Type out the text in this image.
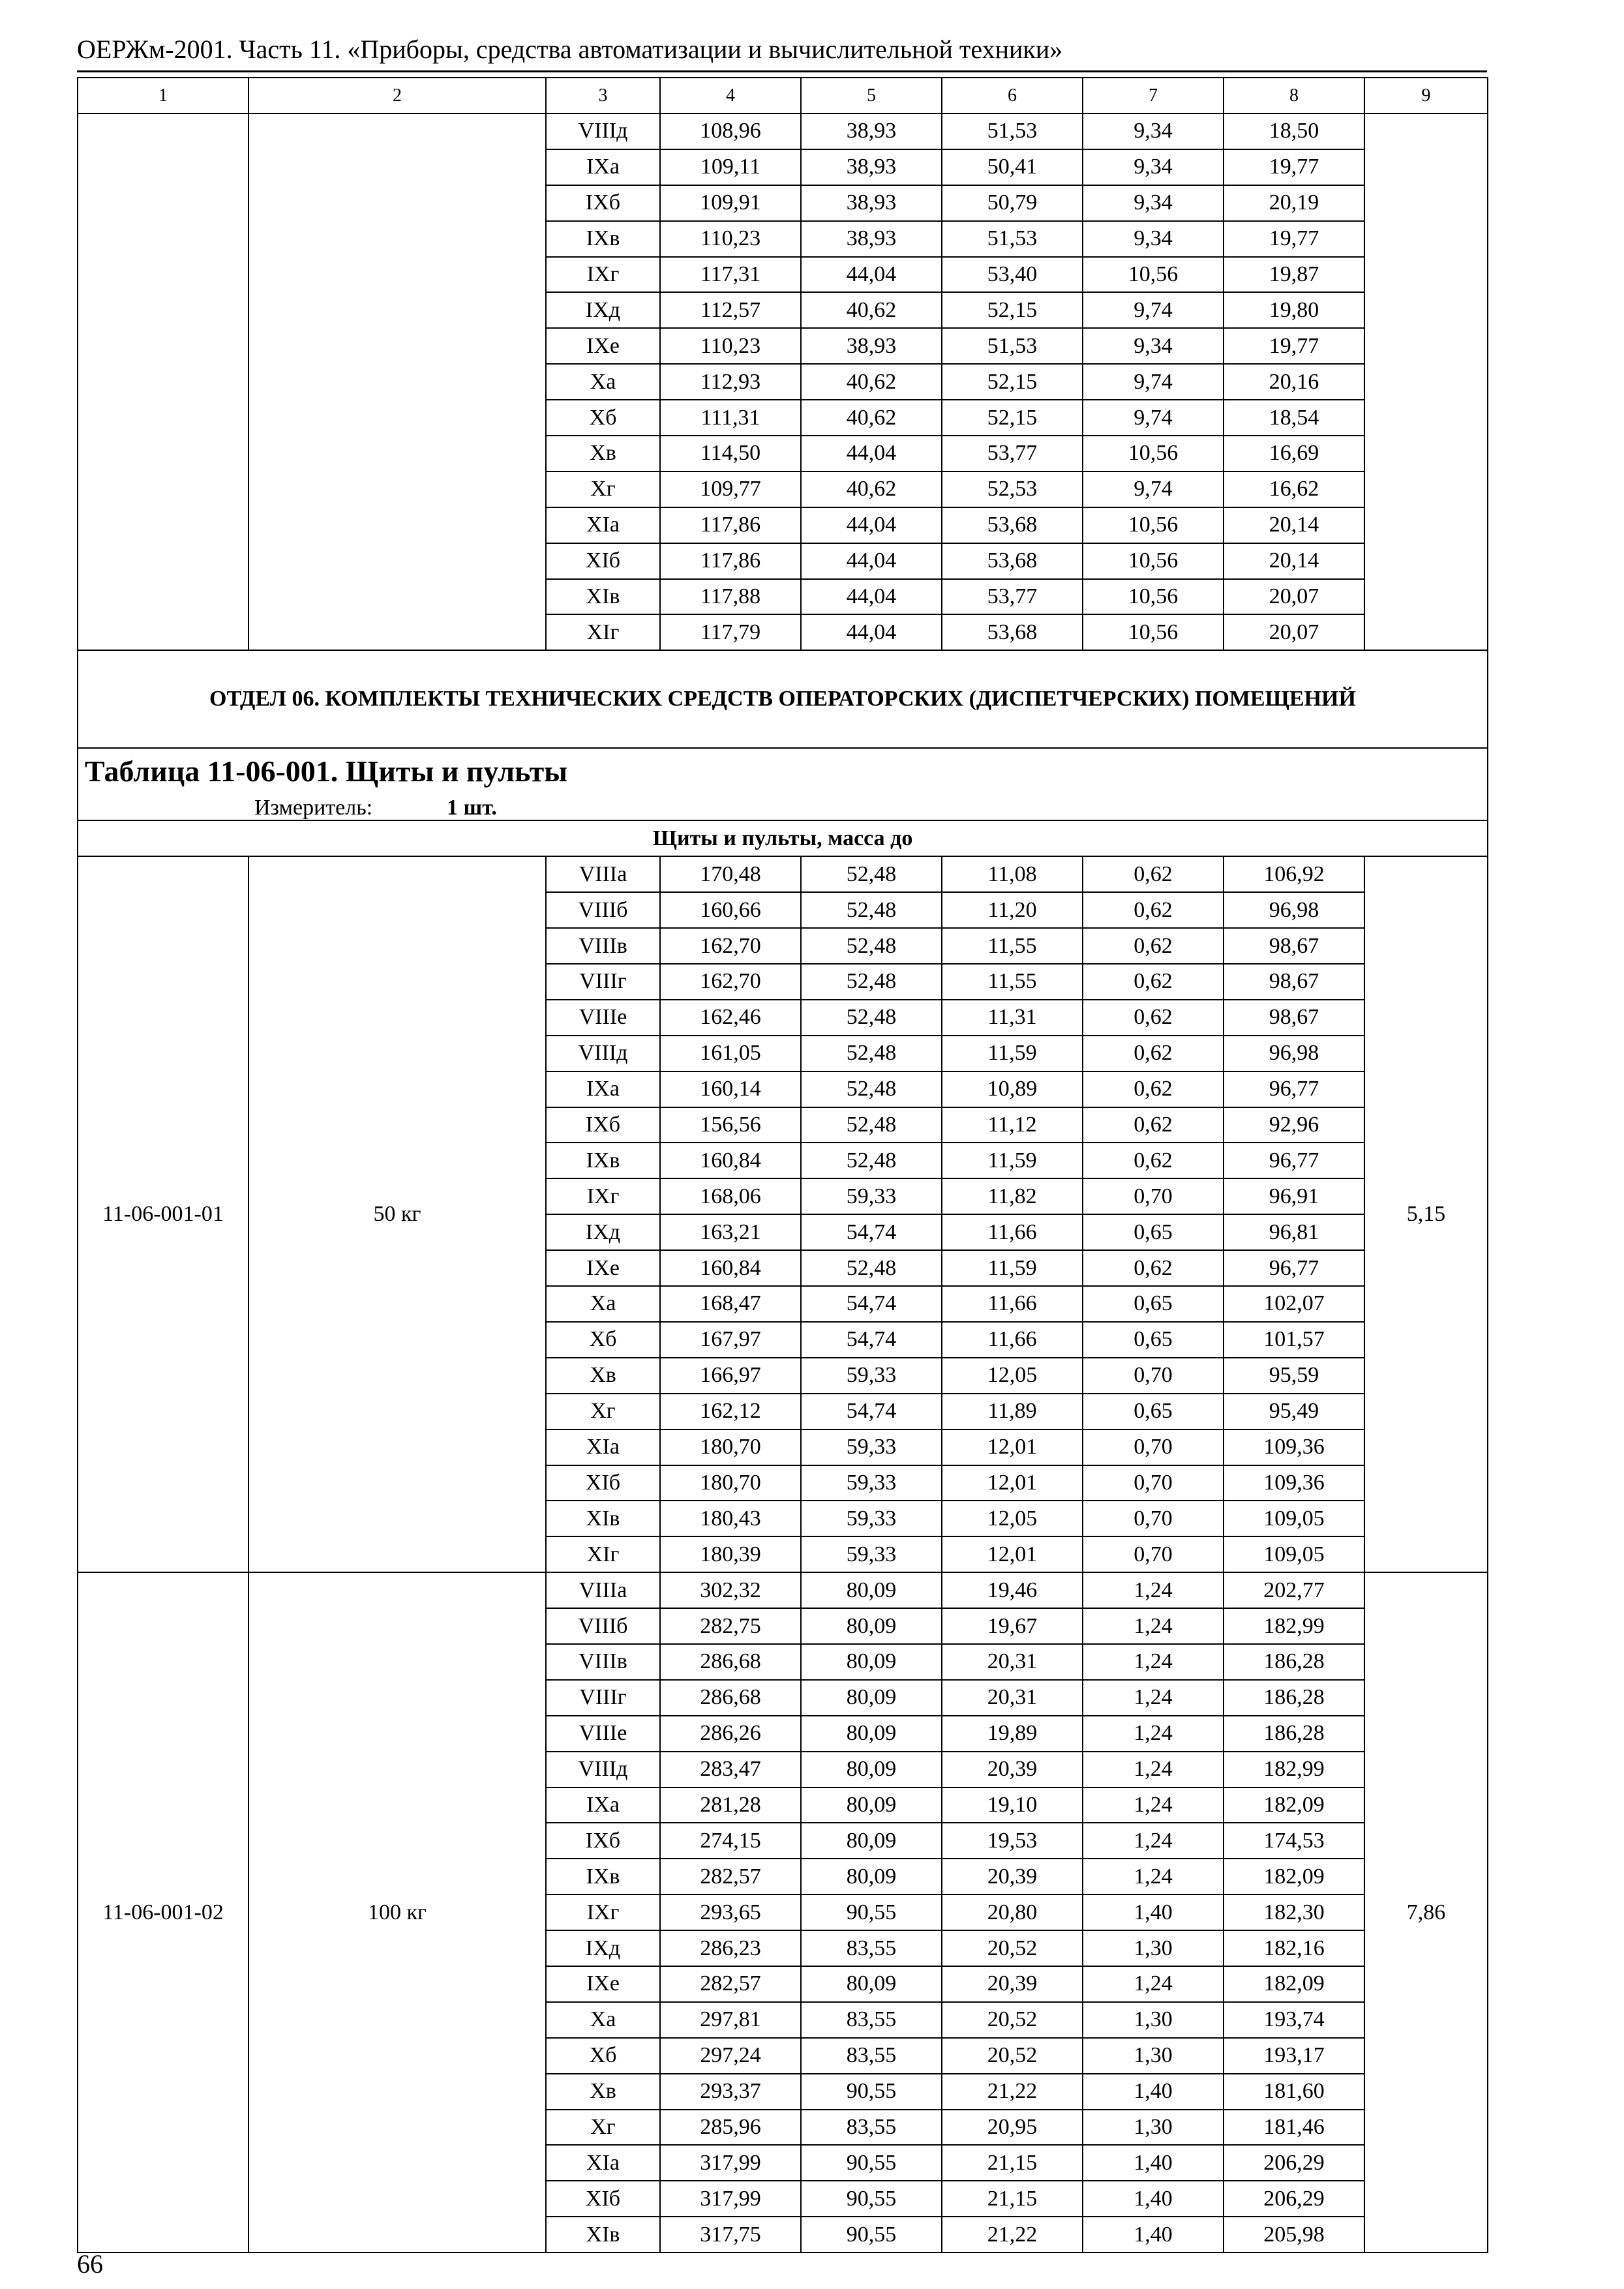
ОЕРЖм-2001. Часть 11. «Приборы, средства автоматизации и вычислительной техники»
1	2	3	4	5	6	7	8	9
		VIIIд	108,96	38,93	51,53	9,34	18,50	
		IXа	109,11	38,93	50,41	9,34	19,77	
		IXб	109,91	38,93	50,79	9,34	20,19	
		IXв	110,23	38,93	51,53	9,34	19,77	
		IXг	117,31	44,04	53,40	10,56	19,87	
		IXд	112,57	40,62	52,15	9,74	19,80	
		IXе	110,23	38,93	51,53	9,34	19,77	
		Xа	112,93	40,62	52,15	9,74	20,16	
		Xб	111,31	40,62	52,15	9,74	18,54	
		Xв	114,50	44,04	53,77	10,56	16,69	
		Xг	109,77	40,62	52,53	9,74	16,62	
		XIа	117,86	44,04	53,68	10,56	20,14	
		XIб	117,86	44,04	53,68	10,56	20,14	
		XIв	117,88	44,04	53,77	10,56	20,07	
		XIг	117,79	44,04	53,68	10,56	20,07	
ОТДЕЛ 06. КОМПЛЕКТЫ ТЕХНИЧЕСКИХ СРЕДСТВ ОПЕРАТОРСКИХ (ДИСПЕТЧЕРСКИХ) ПОМЕЩЕНИЙ								

Таблица 11-06-001. Щиты и пульты
Измеритель: 1 шт.								

Щиты и пульты, масса до								
11-06-001-01	50 кг	VIIIа	170,48	52,48	11,08	0,62	106,92	5,15
		VIIIб	160,66	52,48	11,20	0,62	96,98	
		VIIIв	162,70	52,48	11,55	0,62	98,67	
		VIIIг	162,70	52,48	11,55	0,62	98,67	
		VIIIе	162,46	52,48	11,31	0,62	98,67	
		VIIIд	161,05	52,48	11,59	0,62	96,98	
		IXа	160,14	52,48	10,89	0,62	96,77	
		IXб	156,56	52,48	11,12	0,62	92,96	
		IXв	160,84	52,48	11,59	0,62	96,77	
		IXг	168,06	59,33	11,82	0,70	96,91	
		IXд	163,21	54,74	11,66	0,65	96,81	
		IXе	160,84	52,48	11,59	0,62	96,77	
		Xа	168,47	54,74	11,66	0,65	102,07	
		Xб	167,97	54,74	11,66	0,65	101,57	
		Xв	166,97	59,33	12,05	0,70	95,59	
		Xг	162,12	54,74	11,89	0,65	95,49	
		XIа	180,70	59,33	12,01	0,70	109,36	
		XIб	180,70	59,33	12,01	0,70	109,36	
		XIв	180,43	59,33	12,05	0,70	109,05	
		XIг	180,39	59,33	12,01	0,70	109,05	
11-06-001-02	100 кг	VIIIа	302,32	80,09	19,46	1,24	202,77	7,86
		VIIIб	282,75	80,09	19,67	1,24	182,99	
		VIIIв	286,68	80,09	20,31	1,24	186,28	
		VIIIг	286,68	80,09	20,31	1,24	186,28	
		VIIIе	286,26	80,09	19,89	1,24	186,28	
		VIIIд	283,47	80,09	20,39	1,24	182,99	
		IXа	281,28	80,09	19,10	1,24	182,09	
		IXб	274,15	80,09	19,53	1,24	174,53	
		IXв	282,57	80,09	20,39	1,24	182,09	
		IXг	293,65	90,55	20,80	1,40	182,30	
		IXд	286,23	83,55	20,52	1,30	182,16	
		IXе	282,57	80,09	20,39	1,24	182,09	
		Xа	297,81	83,55	20,52	1,30	193,74	
		Xб	297,24	83,55	20,52	1,30	193,17	
		Xв	293,37	90,55	21,22	1,40	181,60	
		Xг	285,96	83,55	20,95	1,30	181,46	
		XIа	317,99	90,55	21,15	1,40	206,29	
		XIб	317,99	90,55	21,15	1,40	206,29	
		XIв	317,75	90,55	21,22	1,40	205,98	
66
